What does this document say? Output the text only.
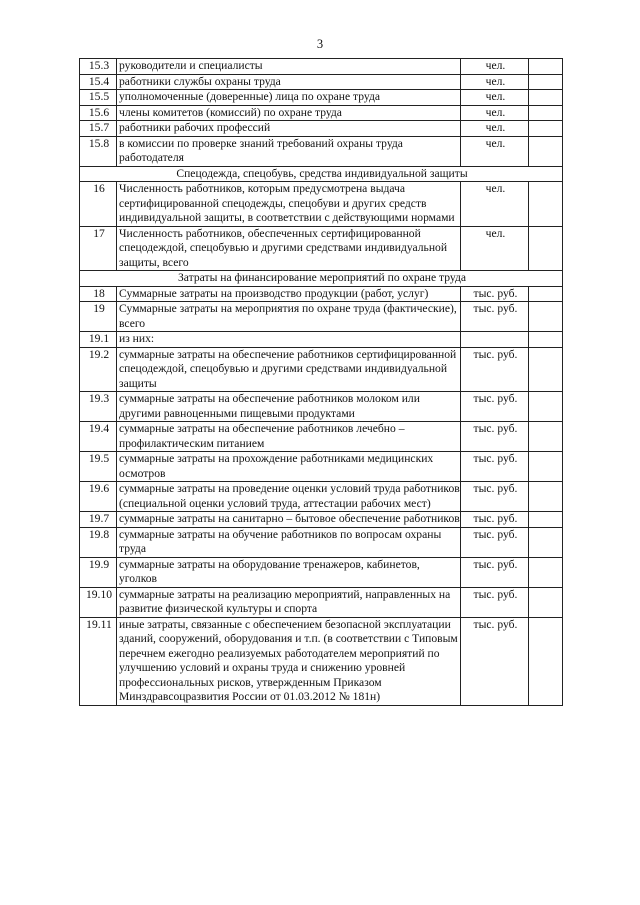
3
15.3	руководители и специалисты	чел.	
15.4	работники службы охраны труда	чел.	
15.5	уполномоченные (доверенные) лица по охране труда	чел.	
15.6	члены комитетов (комиссий) по охране труда	чел.	
15.7	работники рабочих профессий	чел.	
15.8	в комиссии по проверке знаний требований охраны труда работодателя	чел.	
Спецодежда, спецобувь, средства индивидуальной защиты			
16	Численность работников, которым предусмотрена выдача сертифицированной спецодежды, спецобуви и других средств индивидуальной защиты, в соответствии с действующими нормами	чел.	
17	Численность работников, обеспеченных сертифицированной спецодеждой, спецобувью и другими средствами индивидуальной защиты, всего	чел.	
Затраты на финансирование мероприятий по охране труда			
18	Суммарные затраты на производство продукции (работ, услуг)	тыс. руб.	
19	Суммарные затраты на мероприятия по охране труда (фактические), всего	тыс. руб.	
19.1	из них:		
19.2	суммарные затраты на обеспечение работников сертифицированной спецодеждой, спецобувью и другими средствами индивидуальной защиты	тыс. руб.	
19.3	суммарные затраты на обеспечение работников молоком или другими равноценными пищевыми продуктами	тыс. руб.	
19.4	суммарные затраты на обеспечение работников лечебно – профилактическим питанием	тыс. руб.	
19.5	суммарные затраты на прохождение работниками медицинских осмотров	тыс. руб.	
19.6	суммарные затраты на проведение оценки условий труда работников (специальной оценки условий труда, аттестации рабочих мест)	тыс. руб.	
19.7	суммарные затраты на санитарно – бытовое обеспечение работников	тыс. руб.	
19.8	суммарные затраты на обучение работников по вопросам охраны труда	тыс. руб.	
19.9	суммарные затраты на оборудование тренажеров, кабинетов, уголков	тыс. руб.	
19.10	суммарные затраты на реализацию мероприятий, направленных на развитие физической культуры и спорта	тыс. руб.	
19.11	иные затраты, связанные с обеспечением безопасной эксплуатации зданий, сооружений, оборудования и т.п. (в соответствии с Типовым перечнем ежегодно реализуемых работодателем мероприятий по улучшению условий и охраны труда и снижению уровней профессиональных рисков, утвержденным Приказом Минздравсоцразвития России от 01.03.2012 № 181н)	тыс. руб.	
